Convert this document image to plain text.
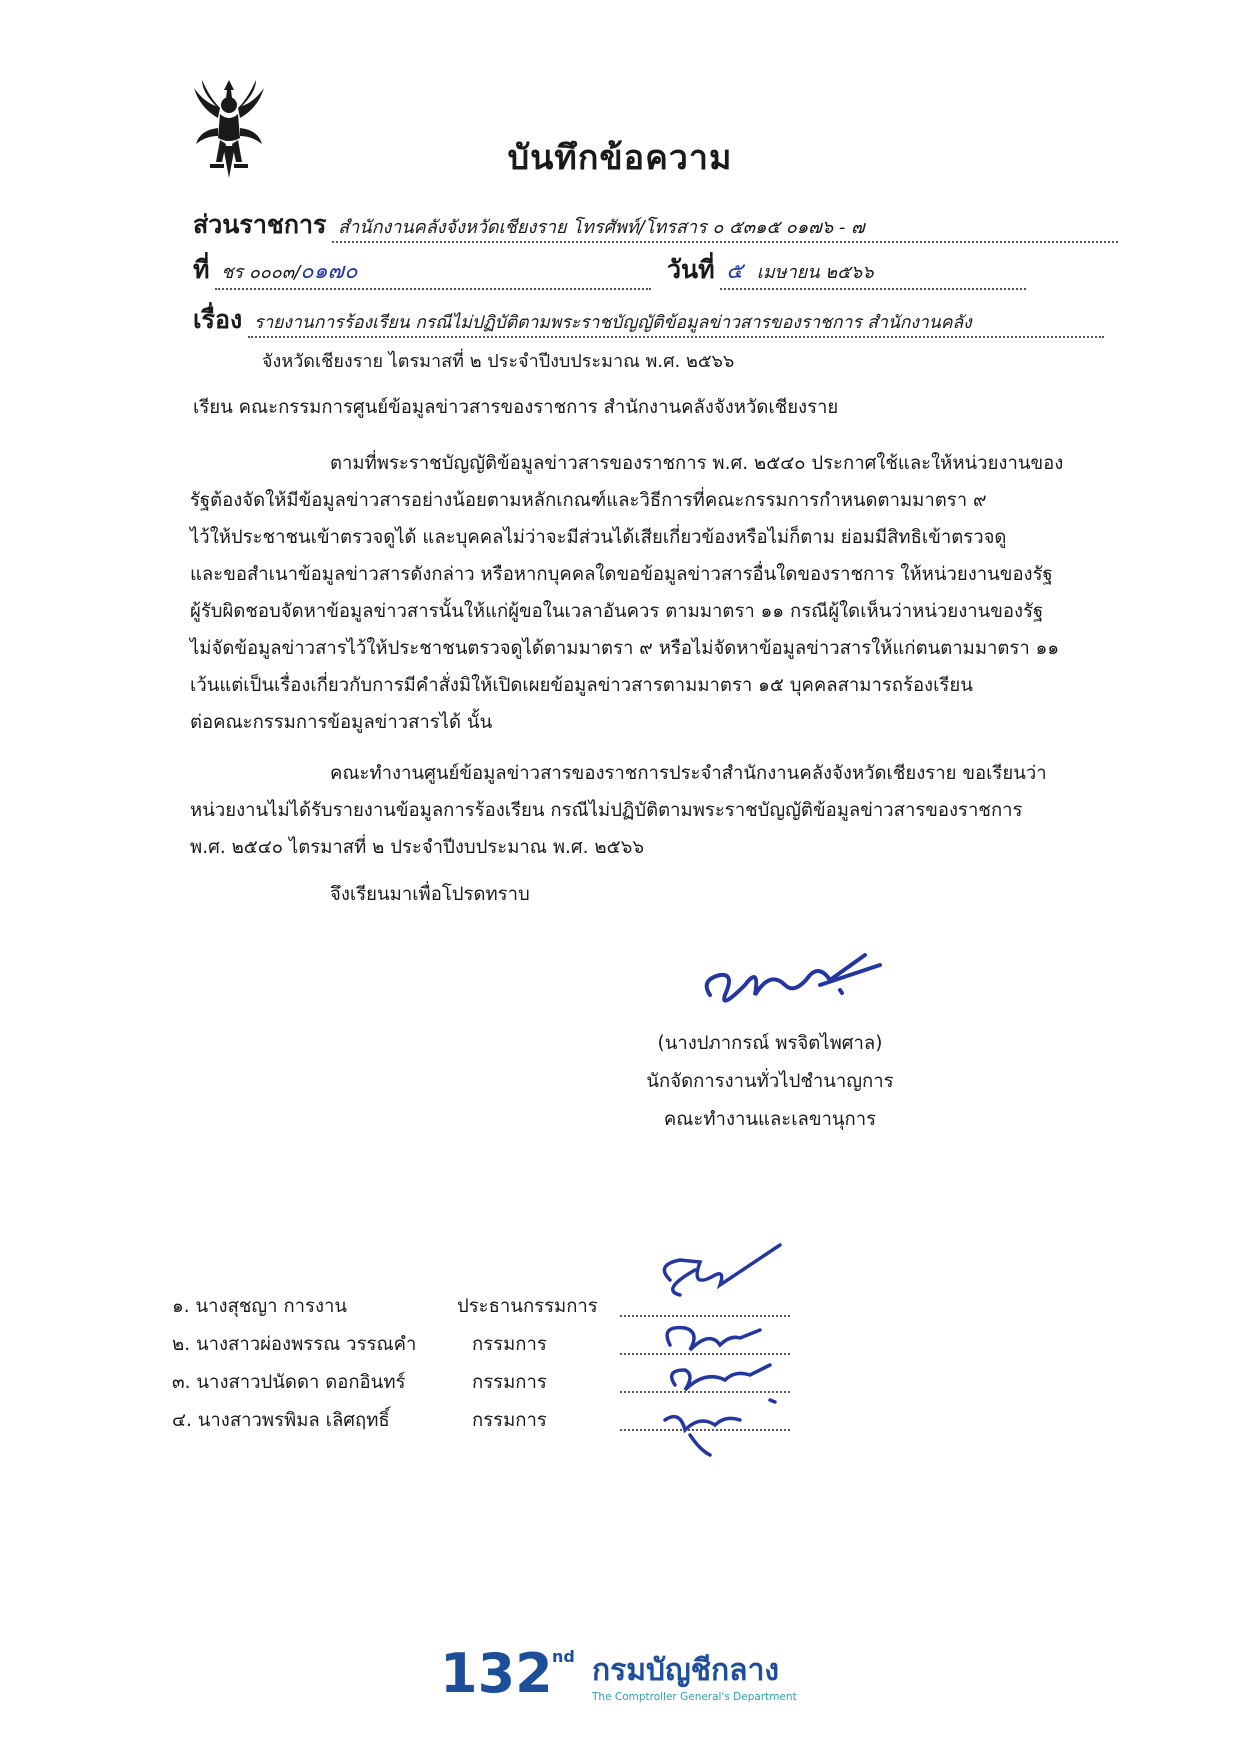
บันทึกข้อความ
ส่วนราชการ สำนักงานคลังจังหวัดเชียงราย โทรศัพท์/โทรสาร ๐ ๕๓๑๕ ๐๑๗๖ - ๗
ที่ ชร ๐๐๐๓/๐๑๗๐	วันที่ ๕ เมษายน ๒๕๖๖
เรื่อง รายงานการร้องเรียน กรณีไม่ปฏิบัติตามพระราชบัญญัติข้อมูลข่าวสารของราชการ สำนักงานคลัง
จังหวัดเชียงราย ไตรมาสที่ ๒ ประจำปีงบประมาณ พ.ศ. ๒๕๖๖
เรียน คณะกรรมการศูนย์ข้อมูลข่าวสารของราชการ สำนักงานคลังจังหวัดเชียงราย
ตามที่พระราชบัญญัติข้อมูลข่าวสารของราชการ พ.ศ. ๒๕๔๐ ประกาศใช้และให้หน่วยงานของ
รัฐต้องจัดให้มีข้อมูลข่าวสารอย่างน้อยตามหลักเกณฑ์และวิธีการที่คณะกรรมการกำหนดตามมาตรา ๙
ไว้ให้ประชาชนเข้าตรวจดูได้ และบุคคลไม่ว่าจะมีส่วนได้เสียเกี่ยวข้องหรือไม่ก็ตาม ย่อมมีสิทธิเข้าตรวจดู
และขอสำเนาข้อมูลข่าวสารดังกล่าว หรือหากบุคคลใดขอข้อมูลข่าวสารอื่นใดของราชการ ให้หน่วยงานของรัฐ
ผู้รับผิดชอบจัดหาข้อมูลข่าวสารนั้นให้แก่ผู้ขอในเวลาอันควร ตามมาตรา ๑๑ กรณีผู้ใดเห็นว่าหน่วยงานของรัฐ
ไม่จัดข้อมูลข่าวสารไว้ให้ประชาชนตรวจดูได้ตามมาตรา ๙ หรือไม่จัดหาข้อมูลข่าวสารให้แก่ตนตามมาตรา ๑๑
เว้นแต่เป็นเรื่องเกี่ยวกับการมีคำสั่งมิให้เปิดเผยข้อมูลข่าวสารตามมาตรา ๑๕ บุคคลสามารถร้องเรียน
ต่อคณะกรรมการข้อมูลข่าวสารได้ นั้น
คณะทำงานศูนย์ข้อมูลข่าวสารของราชการประจำสำนักงานคลังจังหวัดเชียงราย ขอเรียนว่า
หน่วยงานไม่ได้รับรายงานข้อมูลการร้องเรียน กรณีไม่ปฏิบัติตามพระราชบัญญัติข้อมูลข่าวสารของราชการ
พ.ศ. ๒๕๔๐ ไตรมาสที่ ๒ ประจำปีงบประมาณ พ.ศ. ๒๕๖๖
จึงเรียนมาเพื่อโปรดทราบ
(นางปภากรณ์ พรจิตไพศาล)
นักจัดการงานทั่วไปชำนาญการ
คณะทำงานและเลขานุการ
๑. นางสุชญา การงาน	ประธานกรรมการ
๒. นางสาวผ่องพรรณ วรรณคำ	กรรมการ
๓. นางสาวปนัดดา ดอกอินทร์	กรรมการ
๔. นางสาวพรพิมล เลิศฤทธิ์	กรรมการ
132 nd กรมบัญชีกลาง
The Comptroller General's Department
